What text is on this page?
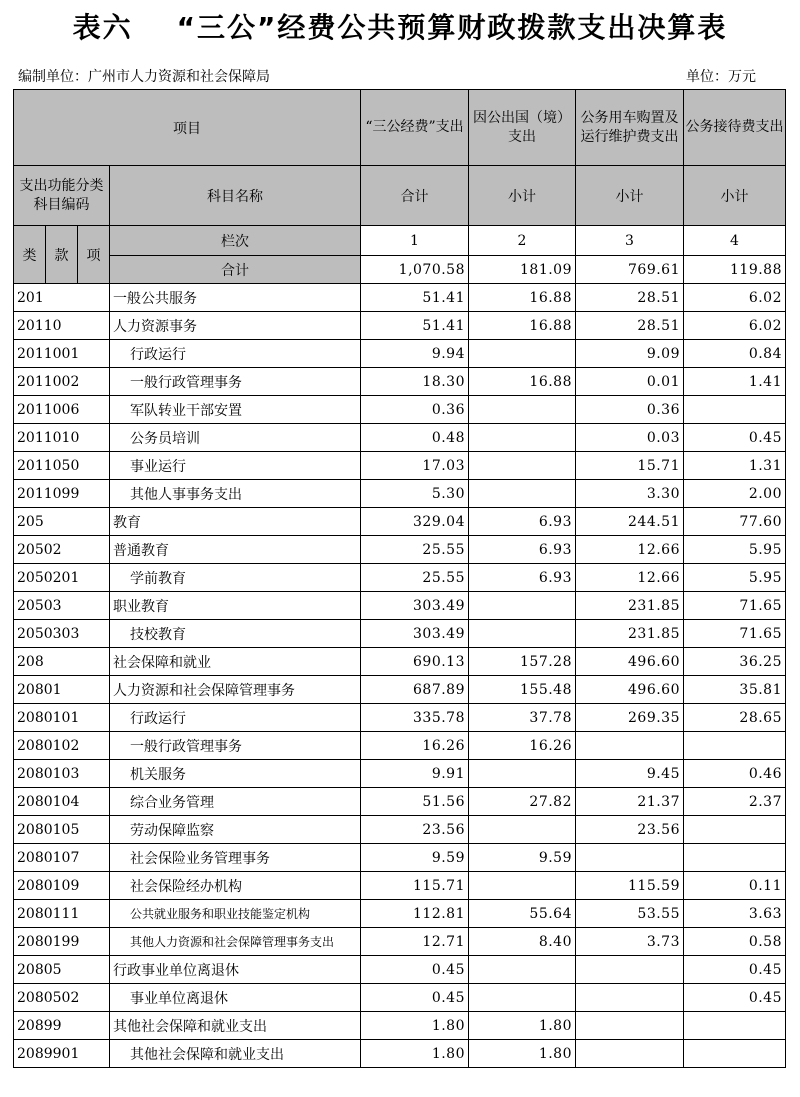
表六 “三公”经费公共预算财政拨款支出决算表
编制单位：广州市人力资源和社会保障局	单位：万元
项目				“三公经费”支出	因公出国（境）支出	公务用车购置及运行维护费支出	公务接待费支出
支出功能分类科目编码			科目名称	合计	小计	小计	小计
类	款	项	栏次	1	2	3	4
			合计	1,070.58	181.09	769.61	119.88
201			一般公共服务	51.41	16.88	28.51	6.02
20110			人力资源事务	51.41	16.88	28.51	6.02
2011001			行政运行	9.94		9.09	0.84
2011002			一般行政管理事务	18.30	16.88	0.01	1.41
2011006			军队转业干部安置	0.36		0.36	
2011010			公务员培训	0.48		0.03	0.45
2011050			事业运行	17.03		15.71	1.31
2011099			其他人事事务支出	5.30		3.30	2.00
205			教育	329.04	6.93	244.51	77.60
20502			普通教育	25.55	6.93	12.66	5.95
2050201			学前教育	25.55	6.93	12.66	5.95
20503			职业教育	303.49		231.85	71.65
2050303			技校教育	303.49		231.85	71.65
208			社会保障和就业	690.13	157.28	496.60	36.25
20801			人力资源和社会保障管理事务	687.89	155.48	496.60	35.81
2080101			行政运行	335.78	37.78	269.35	28.65
2080102			一般行政管理事务	16.26	16.26		
2080103			机关服务	9.91		9.45	0.46
2080104			综合业务管理	51.56	27.82	21.37	2.37
2080105			劳动保障监察	23.56		23.56	
2080107			社会保险业务管理事务	9.59	9.59		
2080109			社会保险经办机构	115.71		115.59	0.11
2080111			公共就业服务和职业技能鉴定机构	112.81	55.64	53.55	3.63
2080199			其他人力资源和社会保障管理事务支出	12.71	8.40	3.73	0.58
20805			行政事业单位离退休	0.45			0.45
2080502			事业单位离退休	0.45			0.45
20899			其他社会保障和就业支出	1.80	1.80		
2089901			其他社会保障和就业支出	1.80	1.80		
